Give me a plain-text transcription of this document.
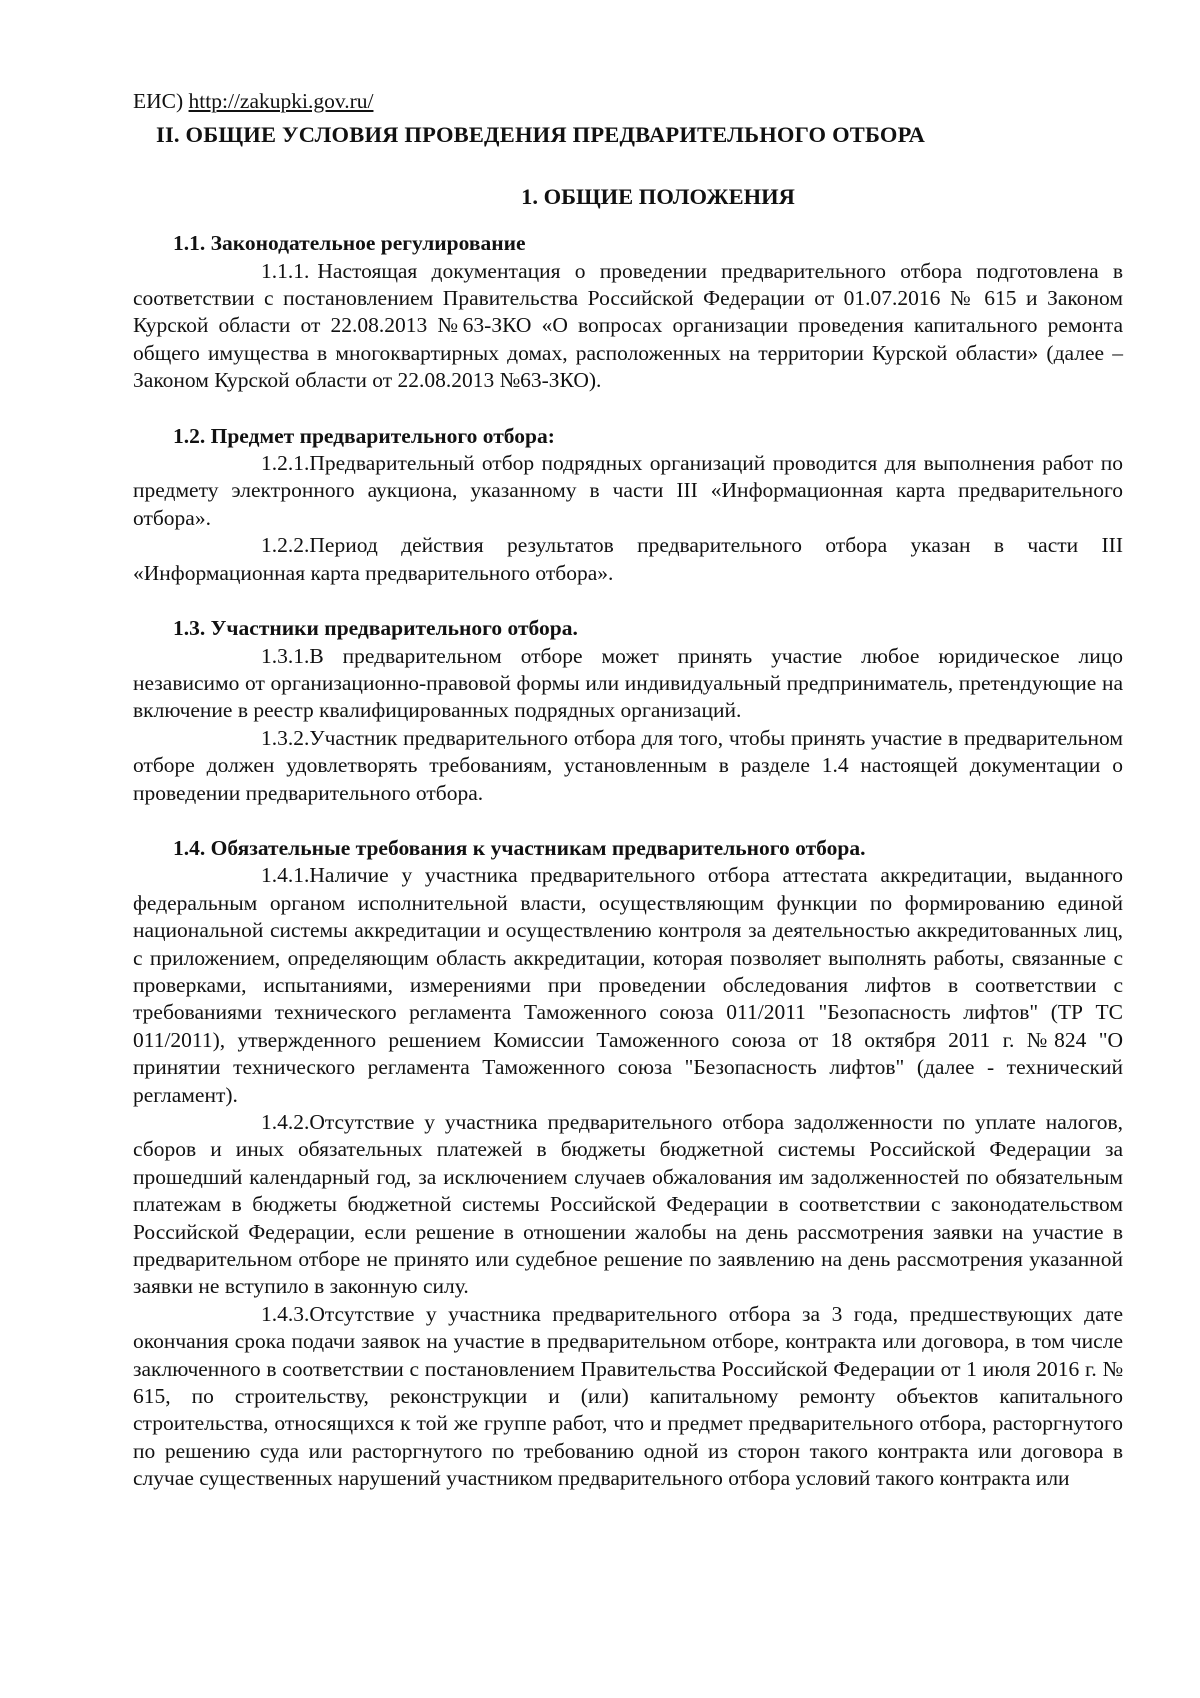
ЕИС) http://zakupki.gov.ru/

II. ОБЩИЕ УСЛОВИЯ ПРОВЕДЕНИЯ ПРЕДВАРИТЕЛЬНОГО ОТБОРА
1. ОБЩИЕ ПОЛОЖЕНИЯ

1.1. Законодательное регулирование

1.1.1. Настоящая документация о проведении предварительного отбора подготовлена в соответствии с постановлением Правительства Российской Федерации от 01.07.2016 № 615 и Законом Курской области от 22.08.2013 №63-ЗКО «О вопросах организации проведения капитального ремонта общего имущества в многоквартирных домах, расположенных на территории Курской области» (далее – Законом Курской области от 22.08.2013 №63-ЗКО).

1.2. Предмет предварительного отбора:

1.2.1.Предварительный отбор подрядных организаций проводится для выполнения работ по предмету электронного аукциона, указанному в части III «Информационная карта предварительного отбора».

1.2.2.Период действия результатов предварительного отбора указан в части III «Информационная карта предварительного отбора».

1.3. Участники предварительного отбора.

1.3.1.В предварительном отборе может принять участие любое юридическое лицо независимо от организационно-правовой формы или индивидуальный предприниматель, претендующие на включение в реестр квалифицированных подрядных организаций.

1.3.2.Участник предварительного отбора для того, чтобы принять участие в предварительном отборе должен удовлетворять требованиям, установленным в разделе 1.4 настоящей документации о проведении предварительного отбора.

1.4. Обязательные требования к участникам предварительного отбора.

1.4.1.Наличие у участника предварительного отбора аттестата аккредитации, выданного федеральным органом исполнительной власти, осуществляющим функции по формированию единой национальной системы аккредитации и осуществлению контроля за деятельностью аккредитованных лиц, с приложением, определяющим область аккредитации, которая позволяет выполнять работы, связанные с проверками, испытаниями, измерениями при проведении обследования лифтов в соответствии с требованиями технического регламента Таможенного союза 011/2011 "Безопасность лифтов" (ТР ТС 011/2011), утвержденного решением Комиссии Таможенного союза от 18 октября 2011 г. №824 "О принятии технического регламента Таможенного союза "Безопасность лифтов" (далее - технический регламент).

1.4.2.Отсутствие у участника предварительного отбора задолженности по уплате налогов, сборов и иных обязательных платежей в бюджеты бюджетной системы Российской Федерации за прошедший календарный год, за исключением случаев обжалования им задолженностей по обязательным платежам в бюджеты бюджетной системы Российской Федерации в соответствии с законодательством Российской Федерации, если решение в отношении жалобы на день рассмотрения заявки на участие в предварительном отборе не принято или судебное решение по заявлению на день рассмотрения указанной заявки не вступило в законную силу.

1.4.3.Отсутствие у участника предварительного отбора за 3 года, предшествующих дате окончания срока подачи заявок на участие в предварительном отборе, контракта или договора, в том числе заключенного в соответствии с постановлением Правительства Российской Федерации от 1 июля 2016 г. № 615, по строительству, реконструкции и (или) капитальному ремонту объектов капитального строительства, относящихся к той же группе работ, что и предмет предварительного отбора, расторгнутого по решению суда или расторгнутого по требованию одной из сторон такого контракта или договора в случае существенных нарушений участником предварительного отбора условий такого контракта или
